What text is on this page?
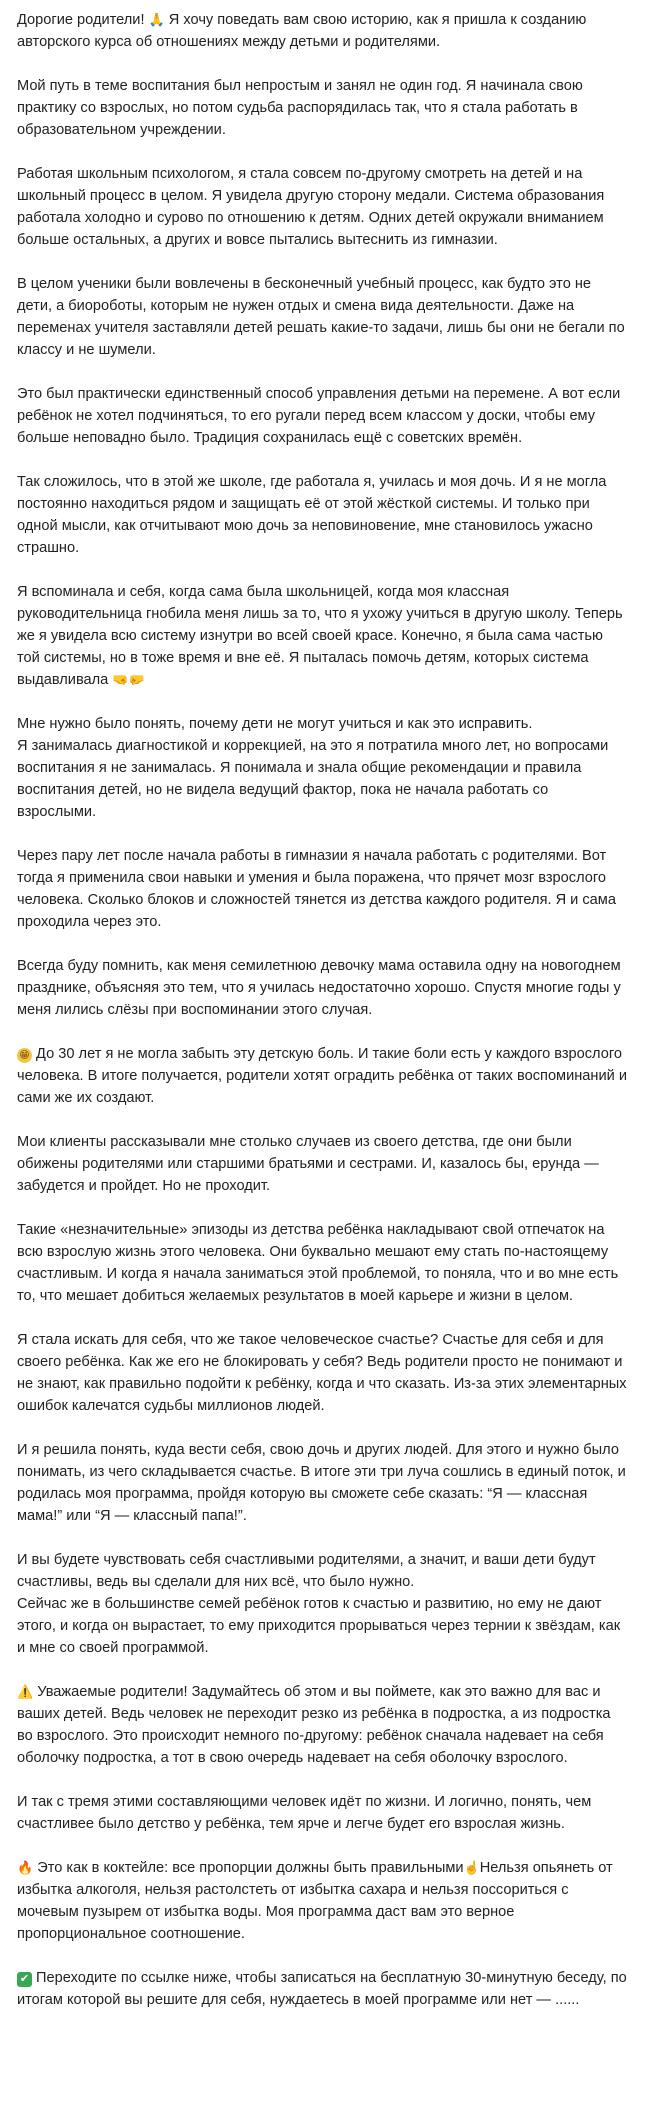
Дорогие родители! 🙏 Я хочу поведать вам свою историю, как я пришла к созданию авторского курса об отношениях между детьми и родителями.

Мой путь в теме воспитания был непростым и занял не один год. Я начинала свою практику со взрослых, но потом судьба распорядилась так, что я стала работать в образовательном учреждении.

Работая школьным психологом, я стала совсем по-другому смотреть на детей и на школьный процесс в целом. Я увидела другую сторону медали. Система образования работала холодно и сурово по отношению к детям. Одних детей окружали вниманием больше остальных, а других и вовсе пытались вытеснить из гимназии.

В целом ученики были вовлечены в бесконечный учебный процесс, как будто это не дети, а биороботы, которым не нужен отдых и смена вида деятельности. Даже на переменах учителя заставляли детей решать какие-то задачи, лишь бы они не бегали по классу и не шумели.

Это был практически единственный способ управления детьми на перемене. А вот если ребёнок не хотел подчиняться, то его ругали перед всем классом у доски, чтобы ему больше неповадно было. Традиция сохранилась ещё с советских времён.

Так сложилось, что в этой же школе, где работала я, училась и моя дочь. И я не могла постоянно находиться рядом и защищать её от этой жёсткой системы. И только при одной мысли, как отчитывают мою дочь за неповиновение, мне становилось ужасно страшно.

Я вспоминала и себя, когда сама была школьницей, когда моя классная руководительница гнобила меня лишь за то, что я ухожу учиться в другую школу. Теперь же я увидела всю систему изнутри во всей своей красе. Конечно, я была сама частью той системы, но в тоже время и вне её. Я пыталась помочь детям, которых система выдавливала 🤜🤛

Мне нужно было понять, почему дети не могут учиться и как это исправить.
Я занималась диагностикой и коррекцией, на это я потратила много лет, но вопросами воспитания я не занималась. Я понимала и знала общие рекомендации и правила воспитания детей, но не видела ведущий фактор, пока не начала работать со взрослыми.

Через пару лет после начала работы в гимназии я начала работать с родителями. Вот тогда я применила свои навыки и умения и была поражена, что прячет мозг взрослого человека. Сколько блоков и сложностей тянется из детства каждого родителя. Я и сама проходила через это.

Всегда буду помнить, как меня семилетнюю девочку мама оставила одну на новогоднем празднике, объясняя это тем, что я училась недостаточно хорошо. Спустя многие годы у меня лились слёзы при воспоминании этого случая.

😁 До 30 лет я не могла забыть эту детскую боль. И такие боли есть у каждого взрослого человека. В итоге получается, родители хотят оградить ребёнка от таких воспоминаний и сами же их создают.

Мои клиенты рассказывали мне столько случаев из своего детства, где они были обижены родителями или старшими братьями и сестрами. И, казалось бы, ерунда — забудется и пройдет. Но не проходит.

Такие «незначительные» эпизоды из детства ребёнка накладывают свой отпечаток на всю взрослую жизнь этого человека. Они буквально мешают ему стать по-настоящему счастливым. И когда я начала заниматься этой проблемой, то поняла, что и во мне есть то, что мешает добиться желаемых результатов в моей карьере и жизни в целом.

Я стала искать для себя, что же такое человеческое счастье? Счастье для себя и для своего ребёнка. Как же его не блокировать у себя? Ведь родители просто не понимают и не знают, как правильно подойти к ребёнку, когда и что сказать. Из-за этих элементарных ошибок калечатся судьбы миллионов людей.

И я решила понять, куда вести себя, свою дочь и других людей. Для этого и нужно было понимать, из чего складывается счастье. В итоге эти три луча сошлись в единый поток, и родилась моя программа, пройдя которую вы сможете себе сказать: “Я — классная мама!” или “Я — классный папа!”.

И вы будете чувствовать себя счастливыми родителями, а значит, и ваши дети будут счастливы, ведь вы сделали для них всё, что было нужно.
Сейчас же в большинстве семей ребёнок готов к счастью и развитию, но ему не дают этого, и когда он вырастает, то ему приходится прорываться через тернии к звёздам, как и мне со своей программой.

⚠️ Уважаемые родители! Задумайтесь об этом и вы поймете, как это важно для вас и ваших детей. Ведь человек не переходит резко из ребёнка в подростка, а из подростка во взрослого. Это происходит немного по-другому: ребёнок сначала надевает на себя оболочку подростка, а тот в свою очередь надевает на себя оболочку взрослого.

И так с тремя этими составляющими человек идёт по жизни. И логично, понять, чем счастливее было детство у ребёнка, тем ярче и легче будет его взрослая жизнь.

🔥 Это как в коктейле: все пропорции должны быть правильными☝️Нельзя опьянеть от избытка алкоголя, нельзя растолстеть от избытка сахара и нельзя поссориться с мочевым пузырем от избытка воды. Моя программа даст вам это верное пропорциональное соотношение.

✔ Переходите по ссылке ниже, чтобы записаться на бесплатную 30-минутную беседу, по итогам которой вы решите для себя, нуждаетесь в моей программе или нет — ......
